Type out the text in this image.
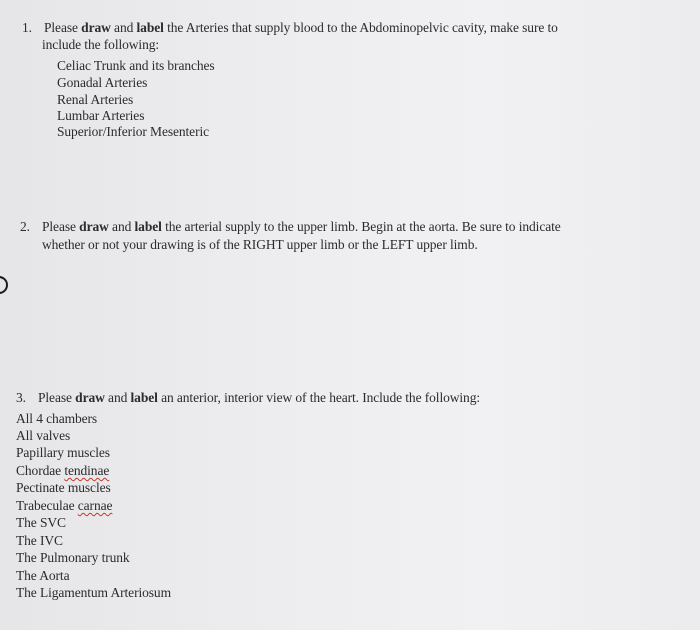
1. Please draw and label the Arteries that supply blood to the Abdominopelvic cavity, make sure to
include the following:
Celiac Trunk and its branches
Gonadal Arteries
Renal Arteries
Lumbar Arteries
Superior/Inferior Mesenteric
2. Please draw and label the arterial supply to the upper limb. Begin at the aorta. Be sure to indicate
whether or not your drawing is of the RIGHT upper limb or the LEFT upper limb.
3. Please draw and label an anterior, interior view of the heart. Include the following:
All 4 chambers
All valves
Papillary muscles
Chordae tendinae
Pectinate muscles
Trabeculae carnae
The SVC
The IVC
The Pulmonary trunk
The Aorta
The Ligamentum Arteriosum
